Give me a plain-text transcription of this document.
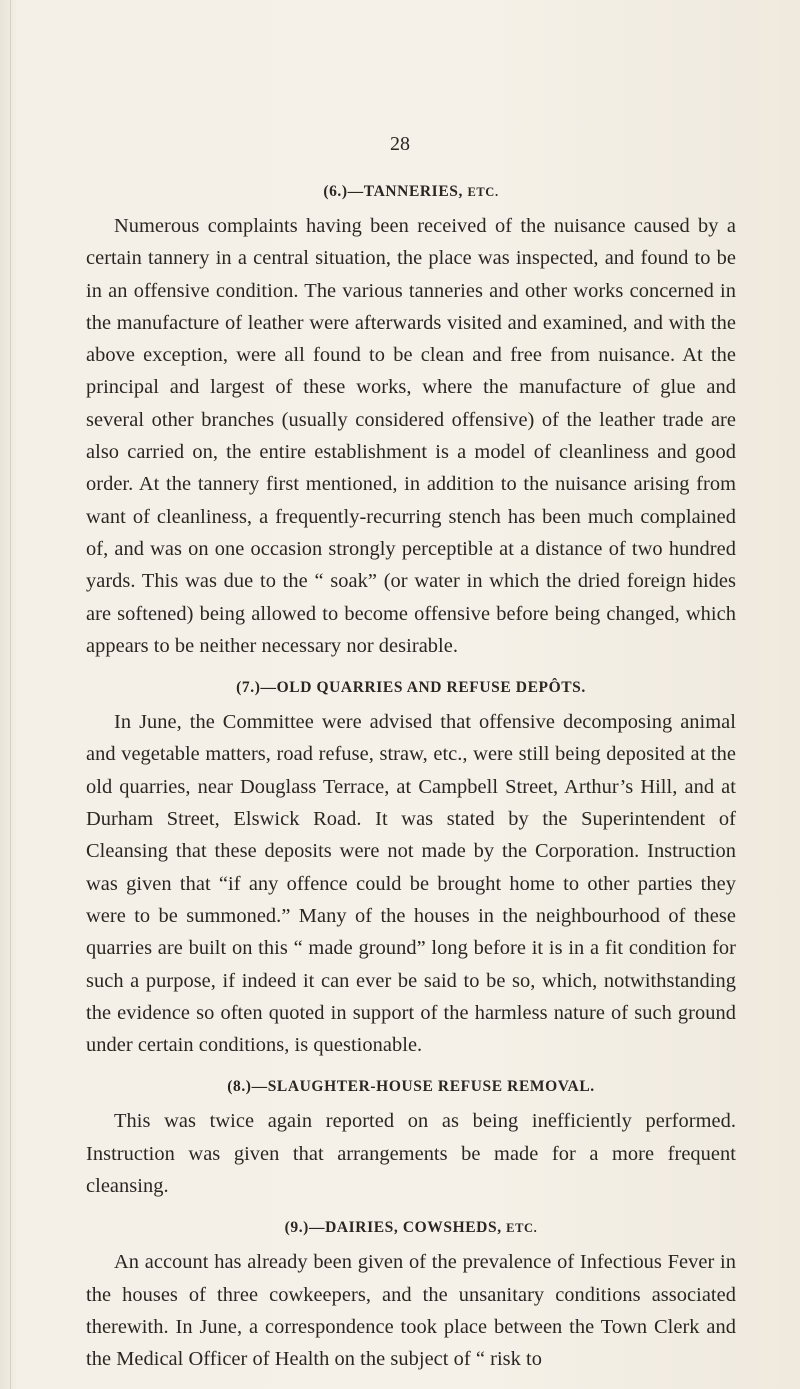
28
(6.)—TANNERIES, ETC.

Numerous complaints having been received of the nuisance caused by a certain tannery in a central situation, the place was inspected, and found to be in an offensive condition. The various tanneries and other works concerned in the manufacture of leather were afterwards visited and examined, and with the above exception, were all found to be clean and free from nuisance. At the principal and largest of these works, where the manufacture of glue and several other branches (usually considered offensive) of the leather trade are also carried on, the entire establishment is a model of cleanliness and good order. At the tannery first mentioned, in addition to the nuisance arising from want of cleanliness, a frequently-recurring stench has been much complained of, and was on one occasion strongly perceptible at a distance of two hundred yards. This was due to the “ soak” (or water in which the dried foreign hides are softened) being allowed to become offensive before being changed, which appears to be neither necessary nor desirable.

(7.)—OLD QUARRIES AND REFUSE DEPÔTS.

In June, the Committee were advised that offensive decomposing animal and vegetable matters, road refuse, straw, etc., were still being deposited at the old quarries, near Douglass Terrace, at Campbell Street, Arthur’s Hill, and at Durham Street, Elswick Road. It was stated by the Superintendent of Cleansing that these deposits were not made by the Corporation. Instruction was given that “if any offence could be brought home to other parties they were to be summoned.” Many of the houses in the neighbourhood of these quarries are built on this “ made ground” long before it is in a fit condition for such a purpose, if indeed it can ever be said to be so, which, notwithstanding the evidence so often quoted in support of the harmless nature of such ground under certain conditions, is questionable.

(8.)—SLAUGHTER-HOUSE REFUSE REMOVAL.

This was twice again reported on as being inefficiently performed. Instruction was given that arrangements be made for a more frequent cleansing.

(9.)—DAIRIES, COWSHEDS, ETC.

An account has already been given of the prevalence of Infectious Fever in the houses of three cowkeepers, and the unsanitary conditions associated therewith. In June, a correspondence took place between the Town Clerk and the Medical Officer of Health on the subject of “ risk to
